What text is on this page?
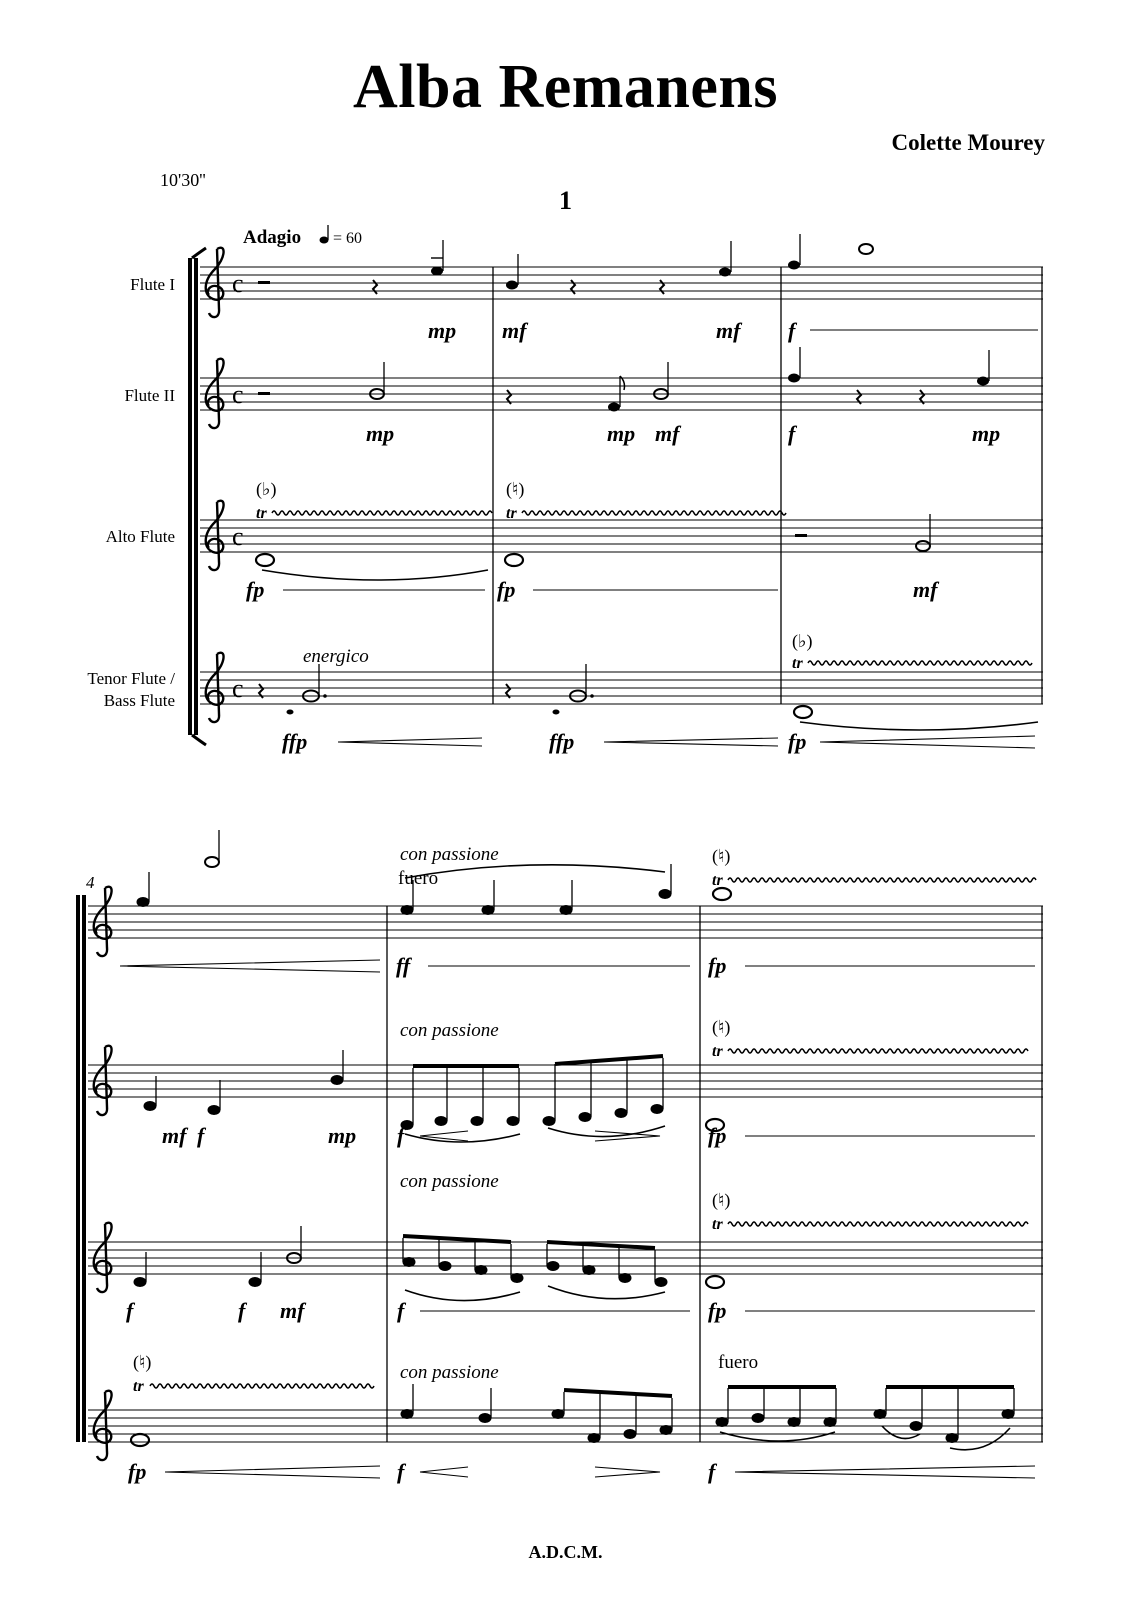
Alba Remanens
Colette Mourey
10'30''
1
A.D.C.M.
Flute I
Flute II
Alto Flute
Tenor Flute /
Bass Flute
c
c
c
c
Adagio = 60
(♭)	(♮)
tr	tr
energico
(♭)
tr
mp mf	mf f
mp	mp mf	f	mp
fp	fp	mf
ffp	ffp	fp
4
con passione
fuero
con passione
con passione
con passione	fuero
(♮)
(♮)
(♮)
(♮)
tr
tr
tr
tr
ff	fp
mf f	mp f	fp
f	f mf	f	fp
fp	f	f
